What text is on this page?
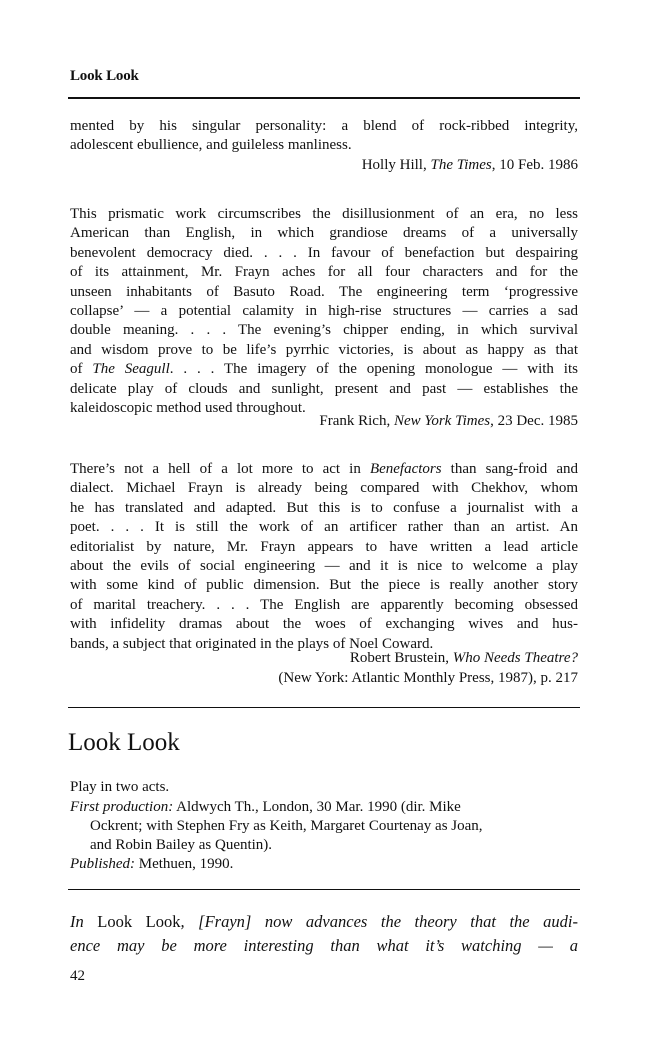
Look Look
mented by his singular personality: a blend of rock-ribbed integrity,
adolescent ebullience, and guileless manliness.
Holly Hill, The Times, 10 Feb. 1986
This prismatic work circumscribes the disillusionment of an era, no less
American than English, in which grandiose dreams of a universally
benevolent democracy died. . . . In favour of benefaction but despairing
of its attainment, Mr. Frayn aches for all four characters and for the
unseen inhabitants of Basuto Road. The engineering term ‘progressive
collapse’ — a potential calamity in high-rise structures — carries a sad
double meaning. . . . The evening’s chipper ending, in which survival
and wisdom prove to be life’s pyrrhic victories, is about as happy as that
of The Seagull. . . . The imagery of the opening monologue — with its
delicate play of clouds and sunlight, present and past — establishes the
kaleidoscopic method used throughout.
Frank Rich, New York Times, 23 Dec. 1985
There’s not a hell of a lot more to act in Benefactors than sang-froid and
dialect. Michael Frayn is already being compared with Chekhov, whom
he has translated and adapted. But this is to confuse a journalist with a
poet. . . . It is still the work of an artificer rather than an artist. An
editorialist by nature, Mr. Frayn appears to have written a lead article
about the evils of social engineering — and it is nice to welcome a play
with some kind of public dimension. But the piece is really another story
of marital treachery. . . . The English are apparently becoming obsessed
with infidelity dramas about the woes of exchanging wives and hus-
bands, a subject that originated in the plays of Noel Coward.
Robert Brustein, Who Needs Theatre?
(New York: Atlantic Monthly Press, 1987), p. 217
Look Look
Play in two acts.
First production: Aldwych Th., London, 30 Mar. 1990 (dir. Mike
Ockrent; with Stephen Fry as Keith, Margaret Courtenay as Joan,
and Robin Bailey as Quentin).
Published: Methuen, 1990.
In Look Look, [Frayn] now advances the theory that the audi-
ence may be more interesting than what it’s watching — a
42
